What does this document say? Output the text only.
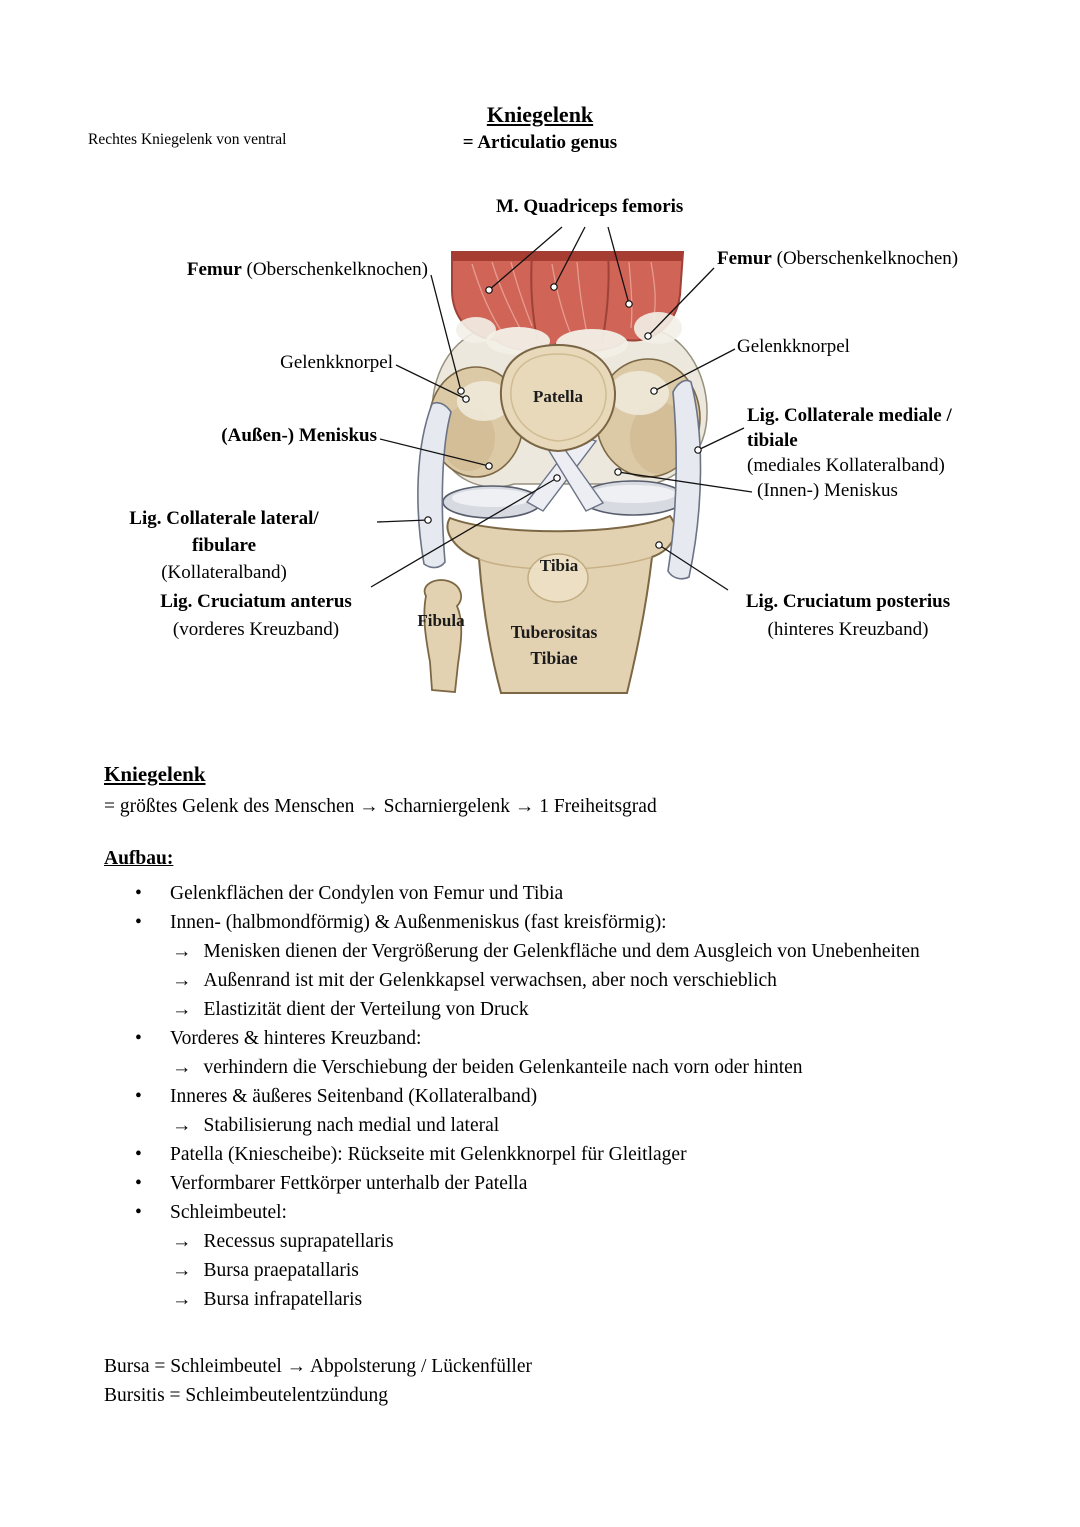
Rechtes Kniegelenk von ventral
Kniegelenk
= Articulatio genus
M. Quadriceps femoris
Femur (Oberschenkelknochen)
Gelenkknorpel
(Außen-) Meniskus
Lig. Collaterale lateral/
fibulare
(Kollateralband)
Lig. Cruciatum anterus
(vorderes Kreuzband)
Femur (Oberschenkelknochen)
Gelenkknorpel
Lig. Collaterale mediale /
tibiale
(mediales Kollateralband)
(Innen-) Meniskus
Lig. Cruciatum posterius
(hinteres Kreuzband)
Patella
Tibia
Fibula
Tuberositas
Tibiae
Kniegelenk
= größtes Gelenk des Menschen → Scharniergelenk → 1 Freiheitsgrad
Aufbau:
• Gelenkflächen der Condylen von Femur und Tibia
• Innen- (halbmondförmig) & Außenmeniskus (fast kreisförmig):
→ Menisken dienen der Vergrößerung der Gelenkfläche und dem Ausgleich von Unebenheiten
→ Außenrand ist mit der Gelenkkapsel verwachsen, aber noch verschieblich
→ Elastizität dient der Verteilung von Druck
• Vorderes & hinteres Kreuzband:
→ verhindern die Verschiebung der beiden Gelenkanteile nach vorn oder hinten
• Inneres & äußeres Seitenband (Kollateralband)
→ Stabilisierung nach medial und lateral
• Patella (Kniescheibe): Rückseite mit Gelenkknorpel für Gleitlager
• Verformbarer Fettkörper unterhalb der Patella
• Schleimbeutel:
→ Recessus suprapatellaris
→ Bursa praepatallaris
→ Bursa infrapatellaris
Bursa = Schleimbeutel → Abpolsterung / Lückenfüller
Bursitis = Schleimbeutelentzündung
